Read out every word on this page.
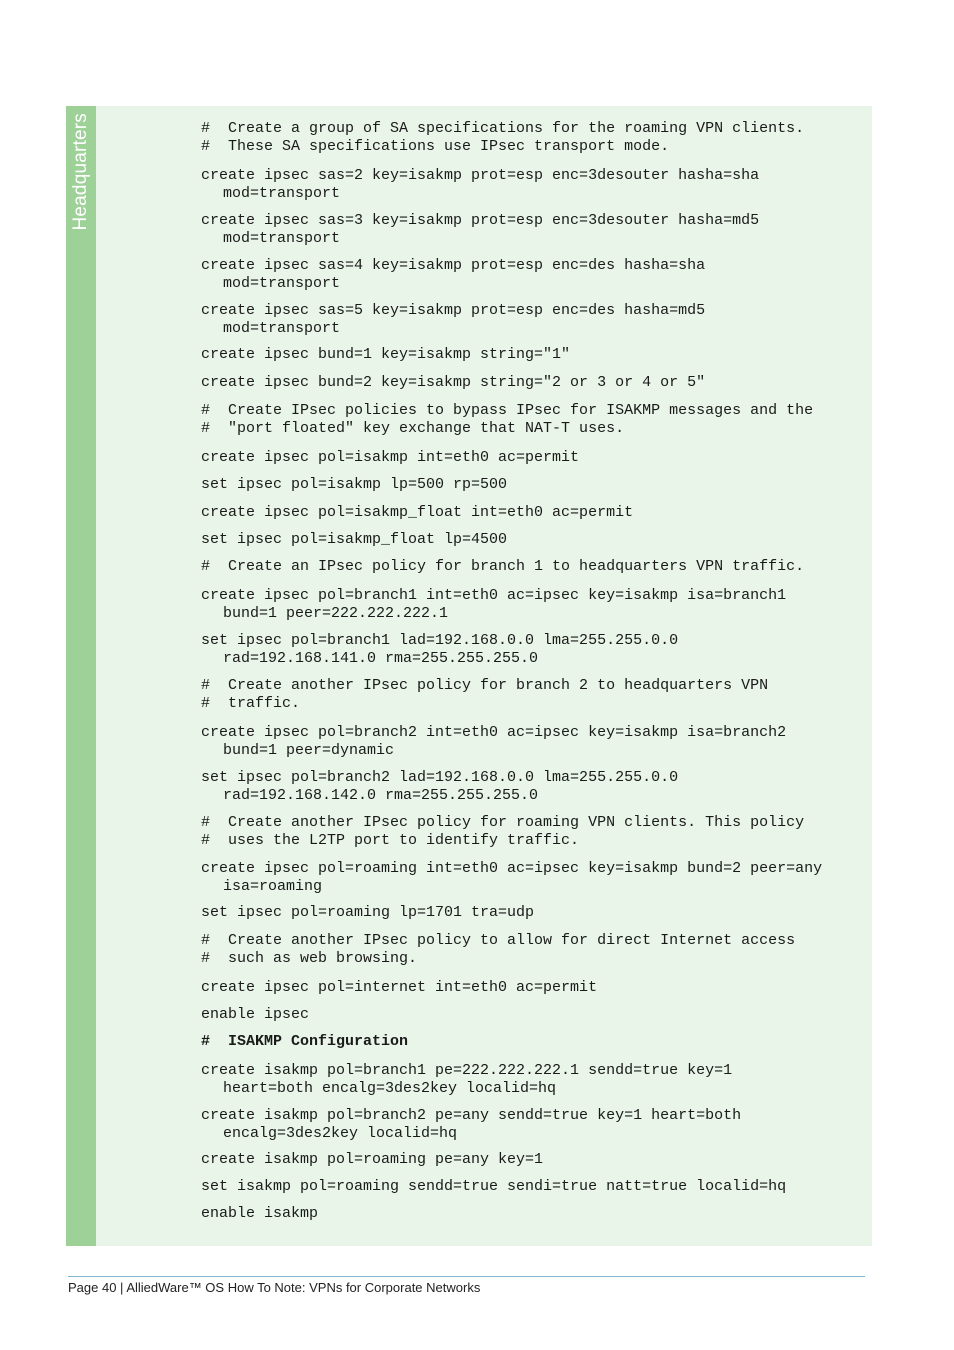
Headquarters	#  Create a group of SA specifications for the roaming VPN clients.
#  These SA specifications use IPsec transport mode.
create ipsec sas=2 key=isakmp prot=esp enc=3desouter hasha=sha
mod=transport
create ipsec sas=3 key=isakmp prot=esp enc=3desouter hasha=md5
mod=transport
create ipsec sas=4 key=isakmp prot=esp enc=des hasha=sha
mod=transport
create ipsec sas=5 key=isakmp prot=esp enc=des hasha=md5
mod=transport
create ipsec bund=1 key=isakmp string="1"
create ipsec bund=2 key=isakmp string="2 or 3 or 4 or 5"
#  Create IPsec policies to bypass IPsec for ISAKMP messages and the
#  "port floated" key exchange that NAT-T uses.
create ipsec pol=isakmp int=eth0 ac=permit
set ipsec pol=isakmp lp=500 rp=500
create ipsec pol=isakmp_float int=eth0 ac=permit
set ipsec pol=isakmp_float lp=4500
#  Create an IPsec policy for branch 1 to headquarters VPN traffic.
create ipsec pol=branch1 int=eth0 ac=ipsec key=isakmp isa=branch1
bund=1 peer=222.222.222.1
set ipsec pol=branch1 lad=192.168.0.0 lma=255.255.0.0
rad=192.168.141.0 rma=255.255.255.0
#  Create another IPsec policy for branch 2 to headquarters VPN
#  traffic.
create ipsec pol=branch2 int=eth0 ac=ipsec key=isakmp isa=branch2
bund=1 peer=dynamic
set ipsec pol=branch2 lad=192.168.0.0 lma=255.255.0.0
rad=192.168.142.0 rma=255.255.255.0
#  Create another IPsec policy for roaming VPN clients. This policy
#  uses the L2TP port to identify traffic.
create ipsec pol=roaming int=eth0 ac=ipsec key=isakmp bund=2 peer=any
isa=roaming
set ipsec pol=roaming lp=1701 tra=udp
#  Create another IPsec policy to allow for direct Internet access
#  such as web browsing.
create ipsec pol=internet int=eth0 ac=permit
enable ipsec
#  ISAKMP Configuration
create isakmp pol=branch1 pe=222.222.222.1 sendd=true key=1
heart=both encalg=3des2key localid=hq
create isakmp pol=branch2 pe=any sendd=true key=1 heart=both
encalg=3des2key localid=hq
create isakmp pol=roaming pe=any key=1
set isakmp pol=roaming sendd=true sendi=true natt=true localid=hq
enable isakmp
Page 40 | AlliedWare™ OS How To Note: VPNs for Corporate Networks
